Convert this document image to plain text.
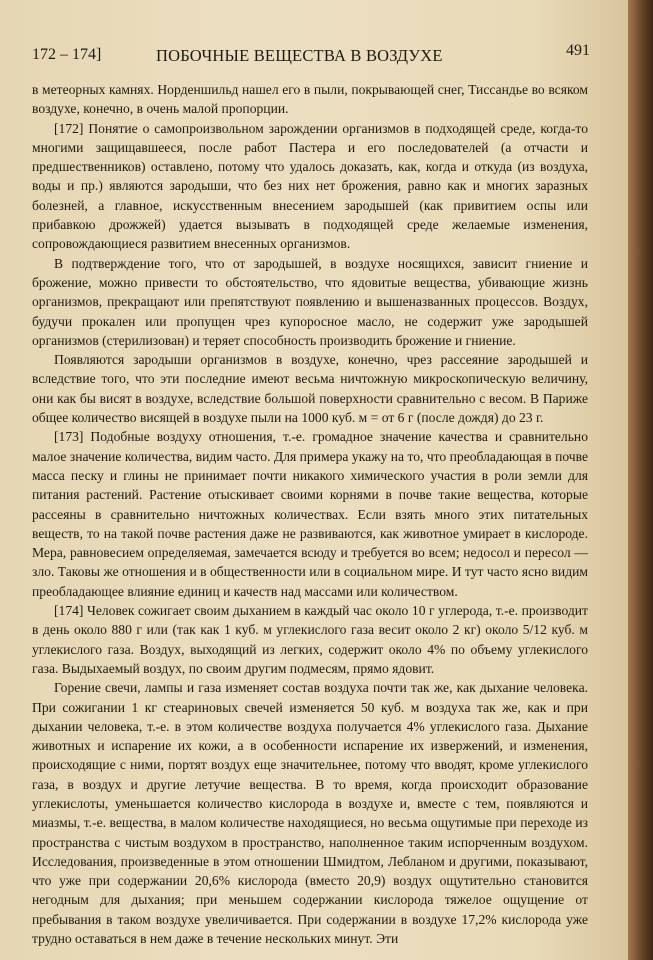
172 – 174]	ПОБОЧНЫЕ ВЕЩЕСТВА В ВОЗДУХЕ	491

в метеорных камнях. Норденшильд нашел его в пыли, покрывающей снег, Тиссандье во всяком воздухе, конечно, в очень малой пропорции.

[172] Понятие о самопроизвольном зарождении организмов в подходящей среде, когда-то многими защищавшееся, после работ Пастера и его последователей (а отчасти и предшественников) оставлено, потому что удалось доказать, как, когда и откуда (из воздуха, воды и пр.) являются зародыши, что без них нет брожения, равно как и многих заразных болезней, а главное, искусственным внесением зародышей (как привитием оспы или прибавкою дрожжей) удается вызывать в подходящей среде желаемые изменения, сопровождающиеся развитием внесенных организмов.

В подтверждение того, что от зародышей, в воздухе носящихся, зависит гниение и брожение, можно привести то обстоятельство, что ядовитые вещества, убивающие жизнь организмов, прекращают или препятствуют появлению и вышеназванных процессов. Воздух, будучи прокален или пропущен чрез купоросное масло, не содержит уже зародышей организмов (стерилизован) и теряет способность производить брожение и гниение.

Появляются зародыши организмов в воздухе, конечно, чрез рассеяние зародышей и вследствие того, что эти последние имеют весьма ничтожную микроскопическую величину, они как бы висят в воздухе, вследствие большой поверхности сравнительно с весом. В Париже общее количество висящей в воздухе пыли на 1000 куб. м = от 6 г (после дождя) до 23 г.

[173] Подобные воздуху отношения, т.-е. громадное значение качества и сравнительно малое значение количества, видим часто. Для примера укажу на то, что преобладающая в почве масса песку и глины не принимает почти никакого химического участия в роли земли для питания растений. Растение отыскивает своими корнями в почве такие вещества, которые рассеяны в сравнительно ничтожных количествах. Если взять много этих питательных веществ, то на такой почве растения даже не развиваются, как животное умирает в кислороде. Мера, равновесием определяемая, замечается всюду и требуется во всем; недосол и пересол — зло. Таковы же отношения и в общественности или в социальном мире. И тут часто ясно видим преобладающее влияние единиц и качеств над массами или количеством.

[174] Человек сожигает своим дыханием в каждый час около 10 г углерода, т.-е. производит в день около 880 г или (так как 1 куб. м углекислого газа весит около 2 кг) около 5/12 куб. м углекислого газа. Воздух, выходящий из легких, содержит около 4% по объему углекислого газа. Выдыхаемый воздух, по своим другим подмесям, прямо ядовит.

Горение свечи, лампы и газа изменяет состав воздуха почти так же, как дыхание человека. При сожигании 1 кг стеариновых свечей изменяется 50 куб. м воздуха так же, как и при дыхании человека, т.-е. в этом количестве воздуха получается 4% углекислого газа. Дыхание животных и испарение их кожи, а в особенности испарение их извержений, и изменения, происходящие с ними, портят воздух еще значительнее, потому что вводят, кроме углекислого газа, в воздух и другие летучие вещества. В то время, когда происходит образование углекислоты, уменьшается количество кислорода в воздухе и, вместе с тем, появляются и миазмы, т.-е. вещества, в малом количестве находящиеся, но весьма ощутимые при переходе из пространства с чистым воздухом в пространство, наполненное таким испорченным воздухом. Исследования, произведенные в этом отношении Шмидтом, Лебланом и другими, показывают, что уже при содержании 20,6% кислорода (вместо 20,9) воздух ощутительно становится негодным для дыхания; при меньшем содержании кислорода тяжелое ощущение от пребывания в таком воздухе увеличивается. При содержании в воздухе 17,2% кислорода уже трудно оставаться в нем даже в течение нескольких минут. Эти
